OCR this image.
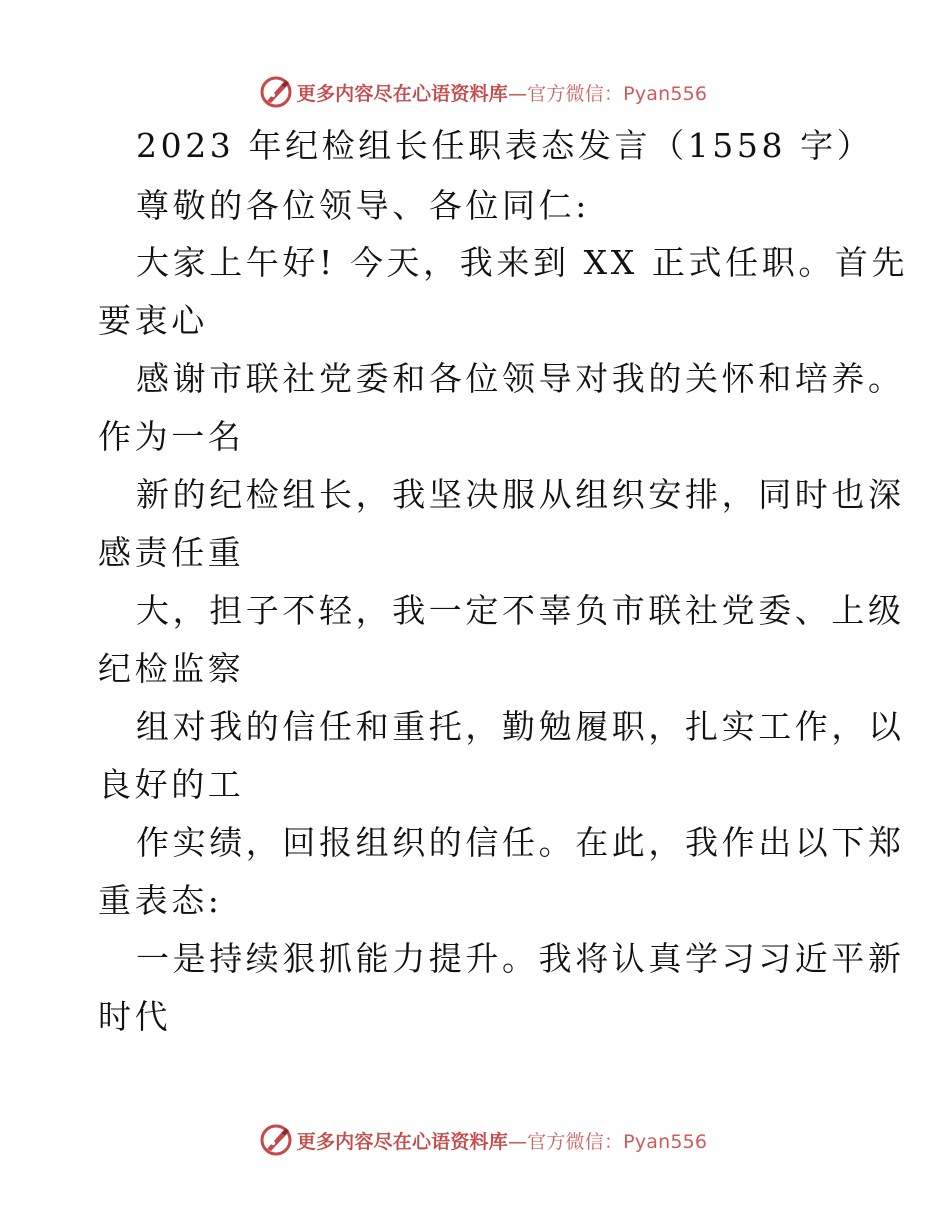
更多内容尽在心语资料库—官方微信：Pyan556
2023 年纪检组长任职表态发言（1558 字）
尊敬的各位领导、各位同仁:
大家上午好! 今天，我来到 XX 正式任职。首先
要衷心
感谢市联社党委和各位领导对我的关怀和培养。
作为一名
新的纪检组长，我坚决服从组织安排，同时也深
感责任重
大，担子不轻，我一定不辜负市联社党委、上级
纪检监察
组对我的信任和重托，勤勉履职，扎实工作，以
良好的工
作实绩，回报组织的信任。在此，我作出以下郑
重表态:
一是持续狠抓能力提升。我将认真学习习近平新
时代
更多内容尽在心语资料库—官方微信：Pyan556
